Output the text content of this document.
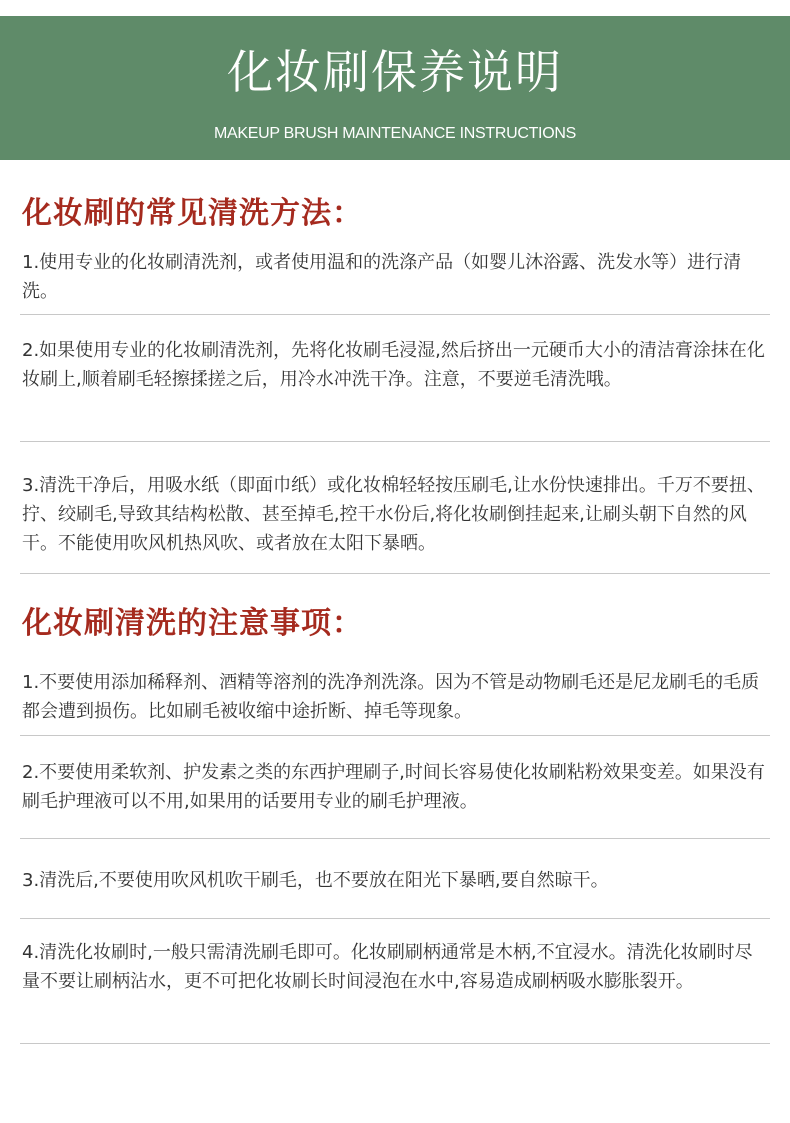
化妆刷保养说明
MAKEUP BRUSH MAINTENANCE INSTRUCTIONS
化妆刷的常见清洗方法：

1.使用专业的化妆刷清洗剂，或者使用温和的洗涤产品（如婴儿沐浴露、洗发水等）进行清洗。

2.如果使用专业的化妆刷清洗剂，先将化妆刷毛浸湿,然后挤出一元硬币大小的清洁膏涂抹在化妆刷上,顺着刷毛轻擦揉搓之后，用冷水冲洗干净。注意，不要逆毛清洗哦。

3.清洗干净后，用吸水纸（即面巾纸）或化妆棉轻轻按压刷毛,让水份快速排出。千万不要扭、拧、绞刷毛,导致其结构松散、甚至掉毛,控干水份后,将化妆刷倒挂起来,让刷头朝下自然的风干。不能使用吹风机热风吹、或者放在太阳下暴晒。

化妆刷清洗的注意事项：

1.不要使用添加稀释剂、酒精等溶剂的洗净剂洗涤。因为不管是动物刷毛还是尼龙刷毛的毛质都会遭到损伤。比如刷毛被收缩中途折断、掉毛等现象。

2.不要使用柔软剂、护发素之类的东西护理刷子,时间长容易使化妆刷粘粉效果变差。如果没有刷毛护理液可以不用,如果用的话要用专业的刷毛护理液。

3.清洗后,不要使用吹风机吹干刷毛，也不要放在阳光下暴晒,要自然晾干。

4.清洗化妆刷时,一般只需清洗刷毛即可。化妆刷刷柄通常是木柄,不宜浸水。清洗化妆刷时尽量不要让刷柄沾水，更不可把化妆刷长时间浸泡在水中,容易造成刷柄吸水膨胀裂开。
